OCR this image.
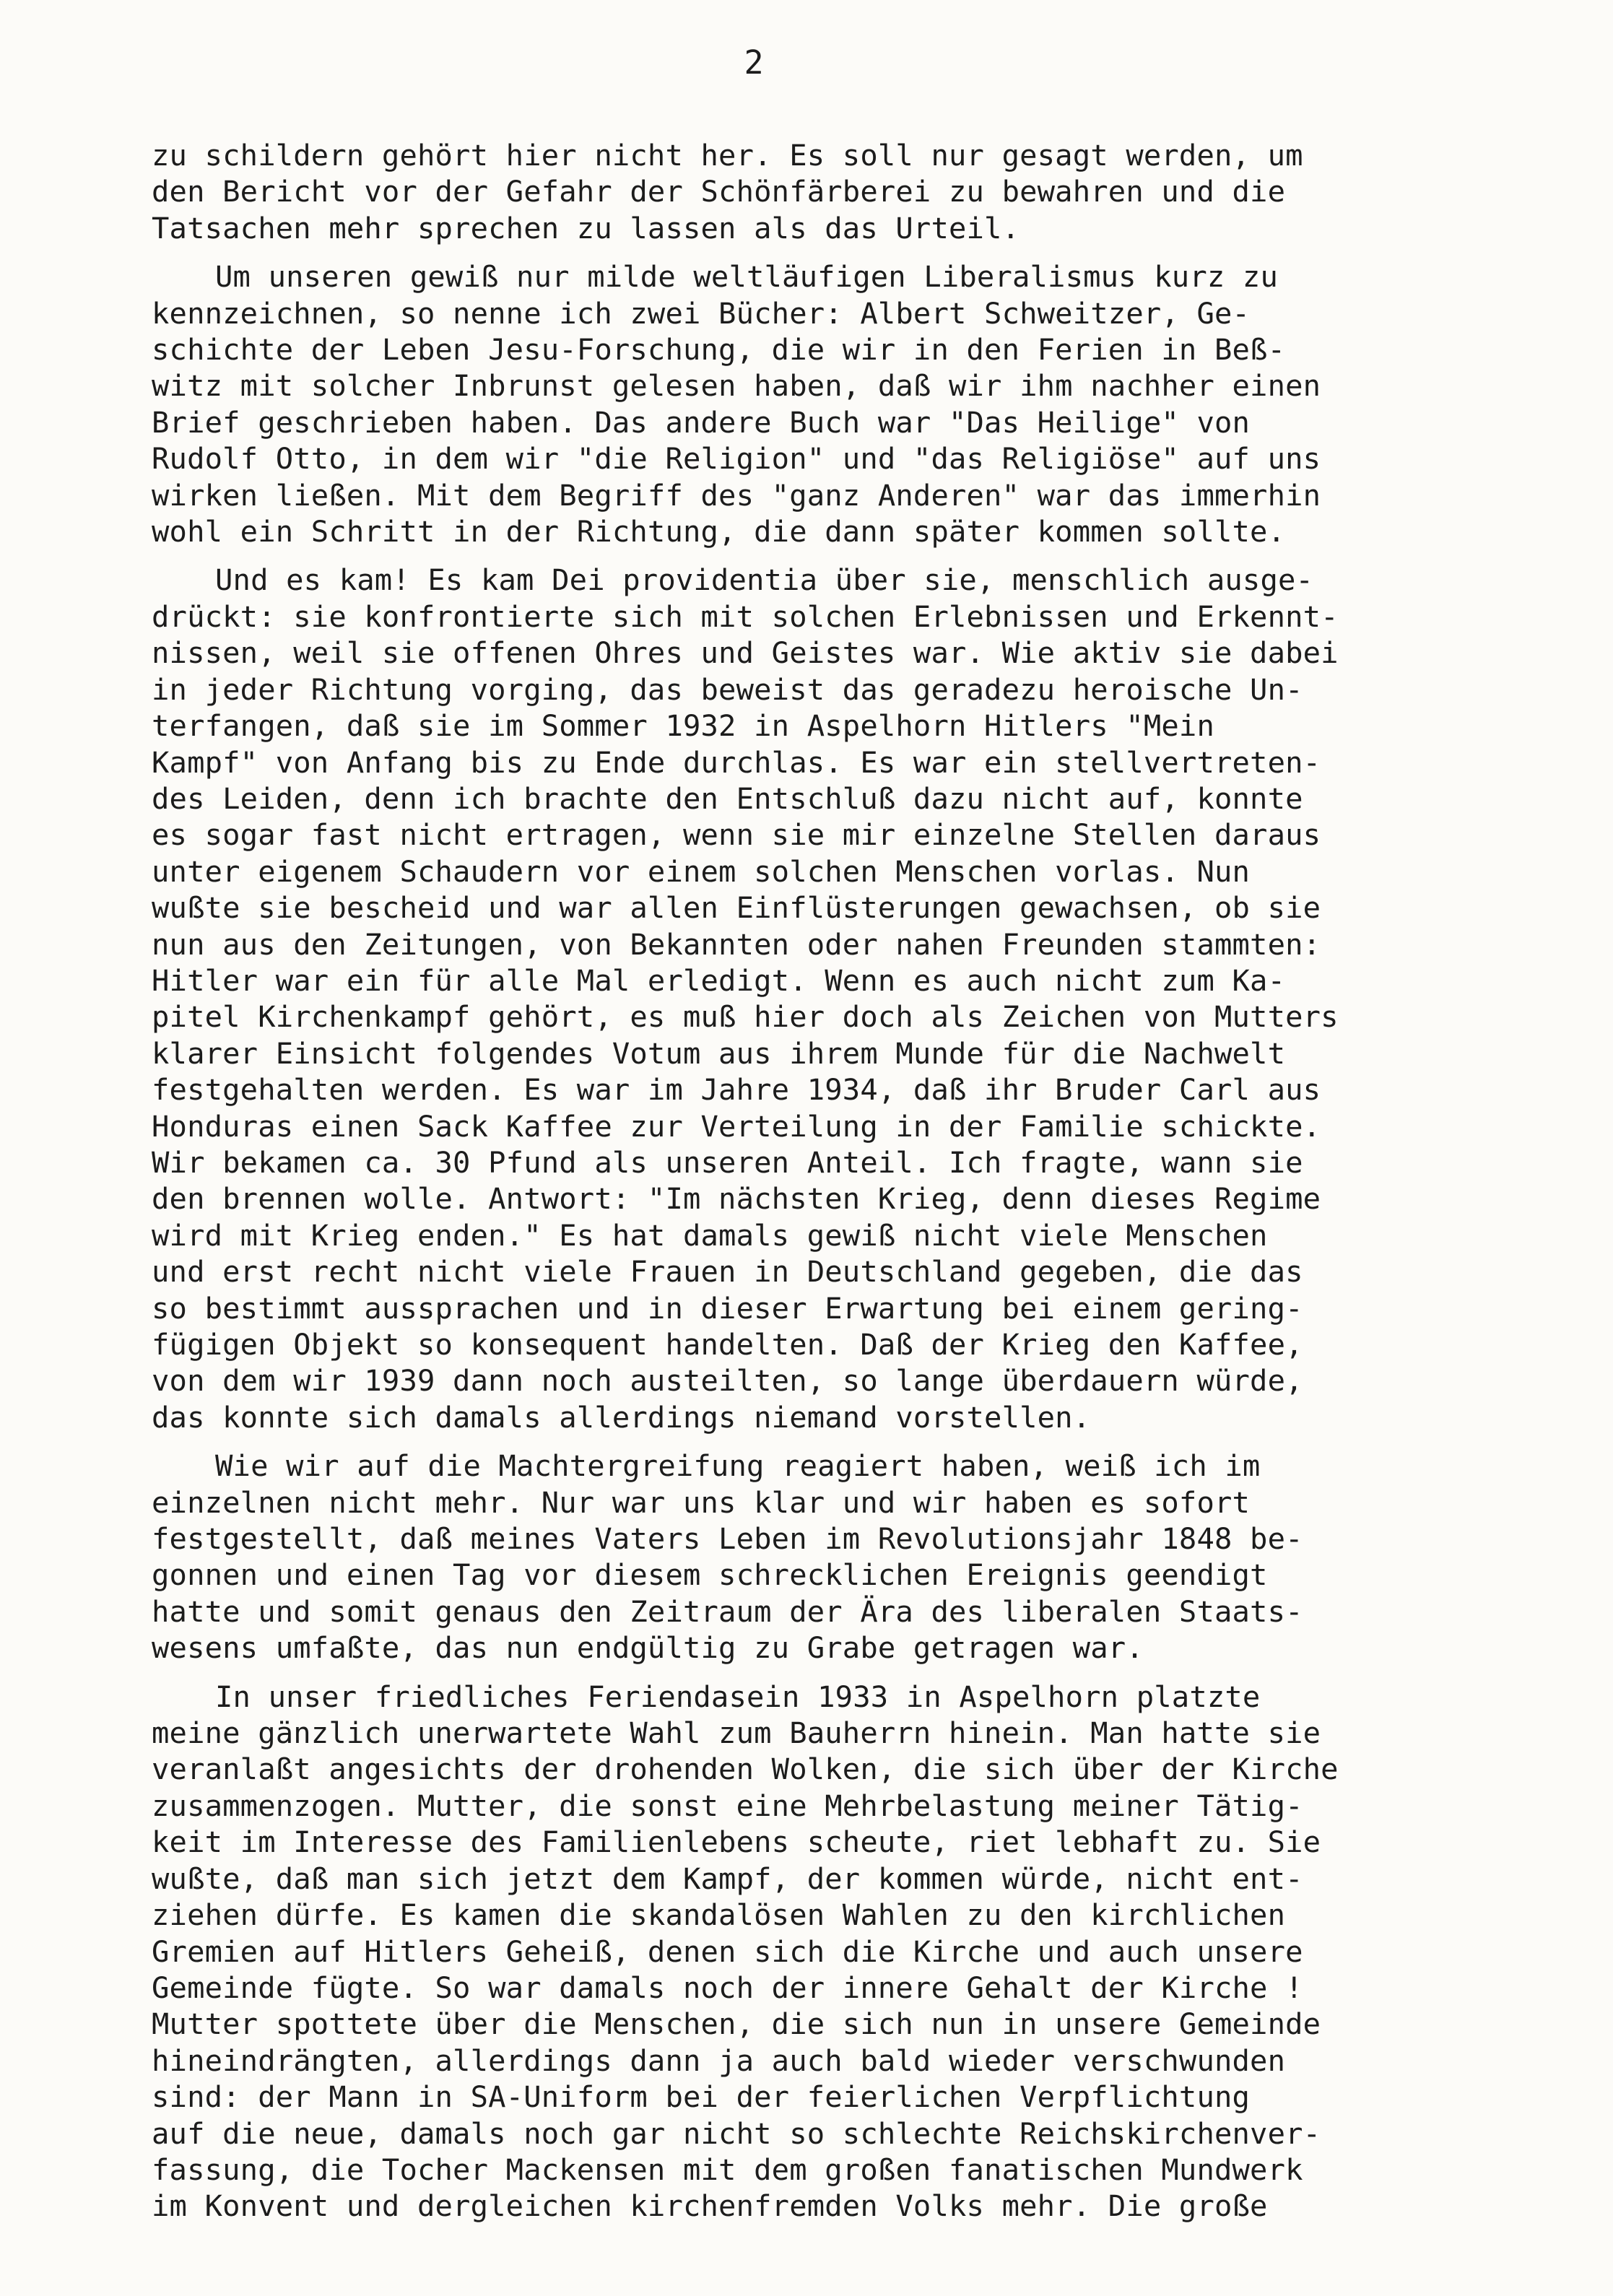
2
zu schildern gehört hier nicht her. Es soll nur gesagt werden, um
den Bericht vor der Gefahr der Schönfärberei zu bewahren und die
Tatsachen mehr sprechen zu lassen als das Urteil.
Um unseren gewiß nur milde weltläufigen Liberalismus kurz zu
kennzeichnen, so nenne ich zwei Bücher: Albert Schweitzer, Ge-
schichte der Leben Jesu-Forschung, die wir in den Ferien in Beß-
witz mit solcher Inbrunst gelesen haben, daß wir ihm nachher einen
Brief geschrieben haben. Das andere Buch war "Das Heilige" von
Rudolf Otto, in dem wir "die Religion" und "das Religiöse" auf uns
wirken ließen. Mit dem Begriff des "ganz Anderen" war das immerhin
wohl ein Schritt in der Richtung, die dann später kommen sollte.
Und es kam! Es kam Dei providentia über sie, menschlich ausge-
drückt: sie konfrontierte sich mit solchen Erlebnissen und Erkennt-
nissen, weil sie offenen Ohres und Geistes war. Wie aktiv sie dabei
in jeder Richtung vorging, das beweist das geradezu heroische Un-
terfangen, daß sie im Sommer 1932 in Aspelhorn Hitlers "Mein
Kampf" von Anfang bis zu Ende durchlas. Es war ein stellvertreten-
des Leiden, denn ich brachte den Entschluß dazu nicht auf, konnte
es sogar fast nicht ertragen, wenn sie mir einzelne Stellen daraus
unter eigenem Schaudern vor einem solchen Menschen vorlas. Nun
wußte sie bescheid und war allen Einflüsterungen gewachsen, ob sie
nun aus den Zeitungen, von Bekannten oder nahen Freunden stammten:
Hitler war ein für alle Mal erledigt. Wenn es auch nicht zum Ka-
pitel Kirchenkampf gehört, es muß hier doch als Zeichen von Mutters
klarer Einsicht folgendes Votum aus ihrem Munde für die Nachwelt
festgehalten werden. Es war im Jahre 1934, daß ihr Bruder Carl aus
Honduras einen Sack Kaffee zur Verteilung in der Familie schickte.
Wir bekamen ca. 30 Pfund als unseren Anteil. Ich fragte, wann sie
den brennen wolle. Antwort: "Im nächsten Krieg, denn dieses Regime
wird mit Krieg enden." Es hat damals gewiß nicht viele Menschen
und erst recht nicht viele Frauen in Deutschland gegeben, die das
so bestimmt aussprachen und in dieser Erwartung bei einem gering-
fügigen Objekt so konsequent handelten. Daß der Krieg den Kaffee,
von dem wir 1939 dann noch austeilten, so lange überdauern würde,
das konnte sich damals allerdings niemand vorstellen.
Wie wir auf die Machtergreifung reagiert haben, weiß ich im
einzelnen nicht mehr. Nur war uns klar und wir haben es sofort
festgestellt, daß meines Vaters Leben im Revolutionsjahr 1848 be-
gonnen und einen Tag vor diesem schrecklichen Ereignis geendigt
hatte und somit genaus den Zeitraum der Ära des liberalen Staats-
wesens umfaßte, das nun endgültig zu Grabe getragen war.
In unser friedliches Feriendasein 1933 in Aspelhorn platzte
meine gänzlich unerwartete Wahl zum Bauherrn hinein. Man hatte sie
veranlaßt angesichts der drohenden Wolken, die sich über der Kirche
zusammenzogen. Mutter, die sonst eine Mehrbelastung meiner Tätig-
keit im Interesse des Familienlebens scheute, riet lebhaft zu. Sie
wußte, daß man sich jetzt dem Kampf, der kommen würde, nicht ent-
ziehen dürfe. Es kamen die skandalösen Wahlen zu den kirchlichen
Gremien auf Hitlers Geheiß, denen sich die Kirche und auch unsere
Gemeinde fügte. So war damals noch der innere Gehalt der Kirche !
Mutter spottete über die Menschen, die sich nun in unsere Gemeinde
hineindrängten, allerdings dann ja auch bald wieder verschwunden
sind: der Mann in SA-Uniform bei der feierlichen Verpflichtung
auf die neue, damals noch gar nicht so schlechte Reichskirchenver-
fassung, die Tocher Mackensen mit dem großen fanatischen Mundwerk
im Konvent und dergleichen kirchenfremden Volks mehr. Die große
